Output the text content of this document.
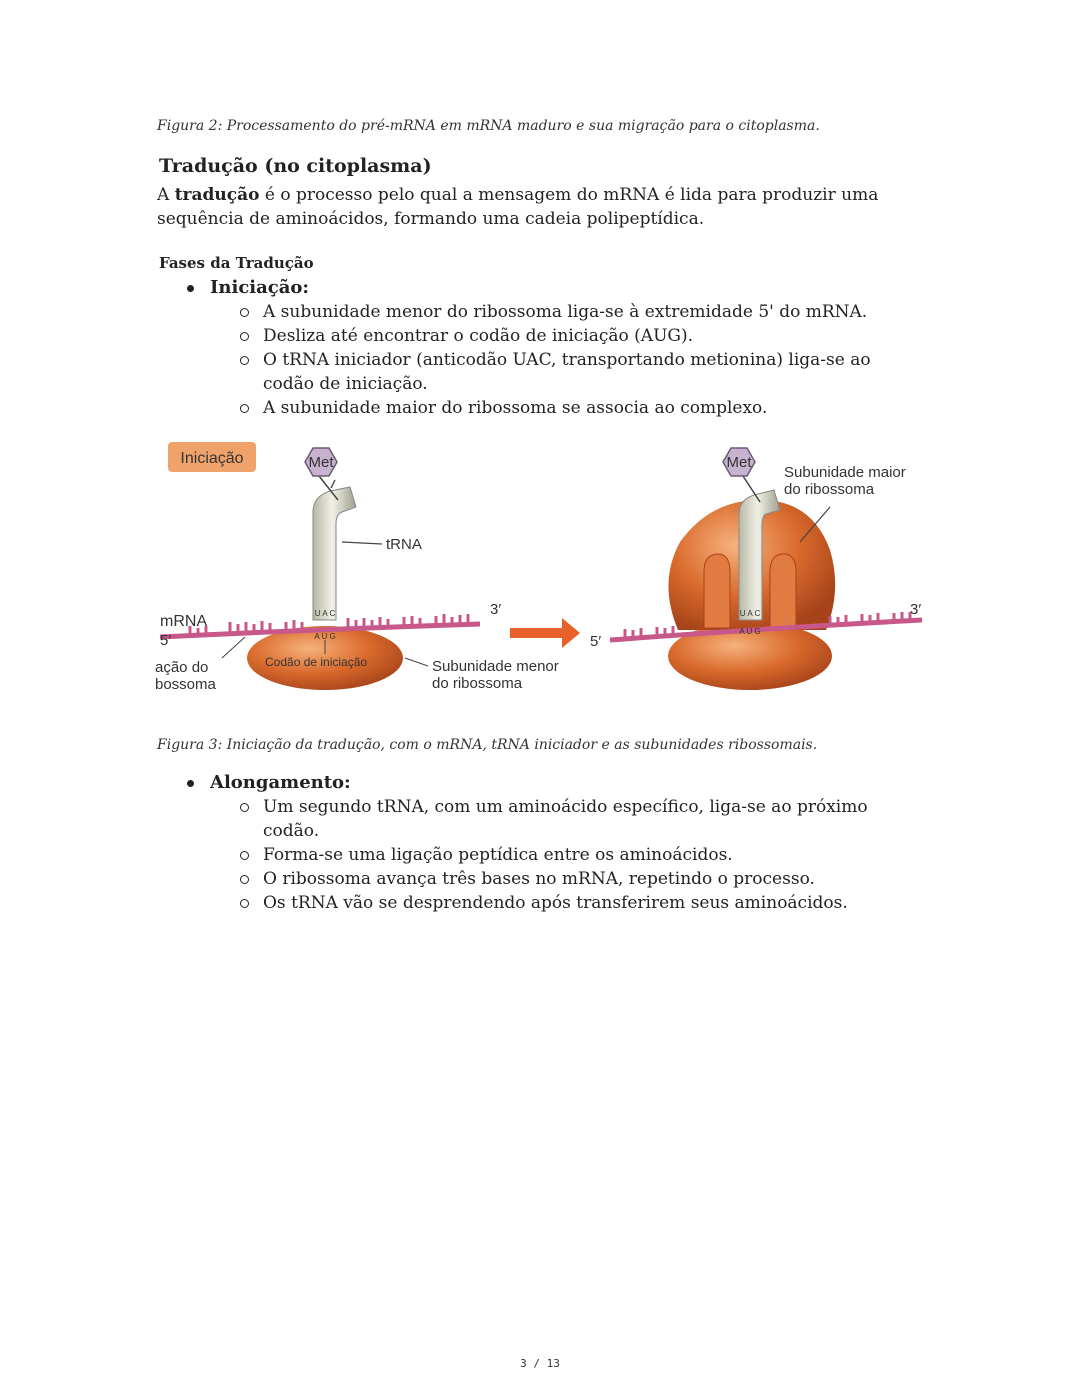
Figura 2: Processamento do pré-mRNA em mRNA maduro e sua migração para o citoplasma.
Tradução (no citoplasma)

A tradução é o processo pelo qual a mensagem do mRNA é lida para produzir uma sequência de aminoácidos, formando uma cadeia polipeptídica.

Fases da Tradução
Iniciação:
A subunidade menor do ribossoma liga-se à extremidade 5' do mRNA.
Desliza até encontrar o codão de iniciação (AUG).
O tRNA iniciador (anticodão UAC, transportando metionina) liga-se ao codão de iniciação.
A subunidade maior do ribossoma se associa ao complexo.
Iniciação	Met
U A C
A U G
tRNA
mRNA
5′
3′
Codão de iniciação	Subunidade menor
do ribossoma
ação do
bossoma
Met
U A C
A U G
Subunidade maior
do ribossoma
5′
3′
Figura 3: Iniciação da tradução, com o mRNA, tRNA iniciador e as subunidades ribossomais.
Alongamento:
Um segundo tRNA, com um aminoácido específico, liga-se ao próximo codão.
Forma-se uma ligação peptídica entre os aminoácidos.
O ribossoma avança três bases no mRNA, repetindo o processo.
Os tRNA vão se desprendendo após transferirem seus aminoácidos.
3 / 13
